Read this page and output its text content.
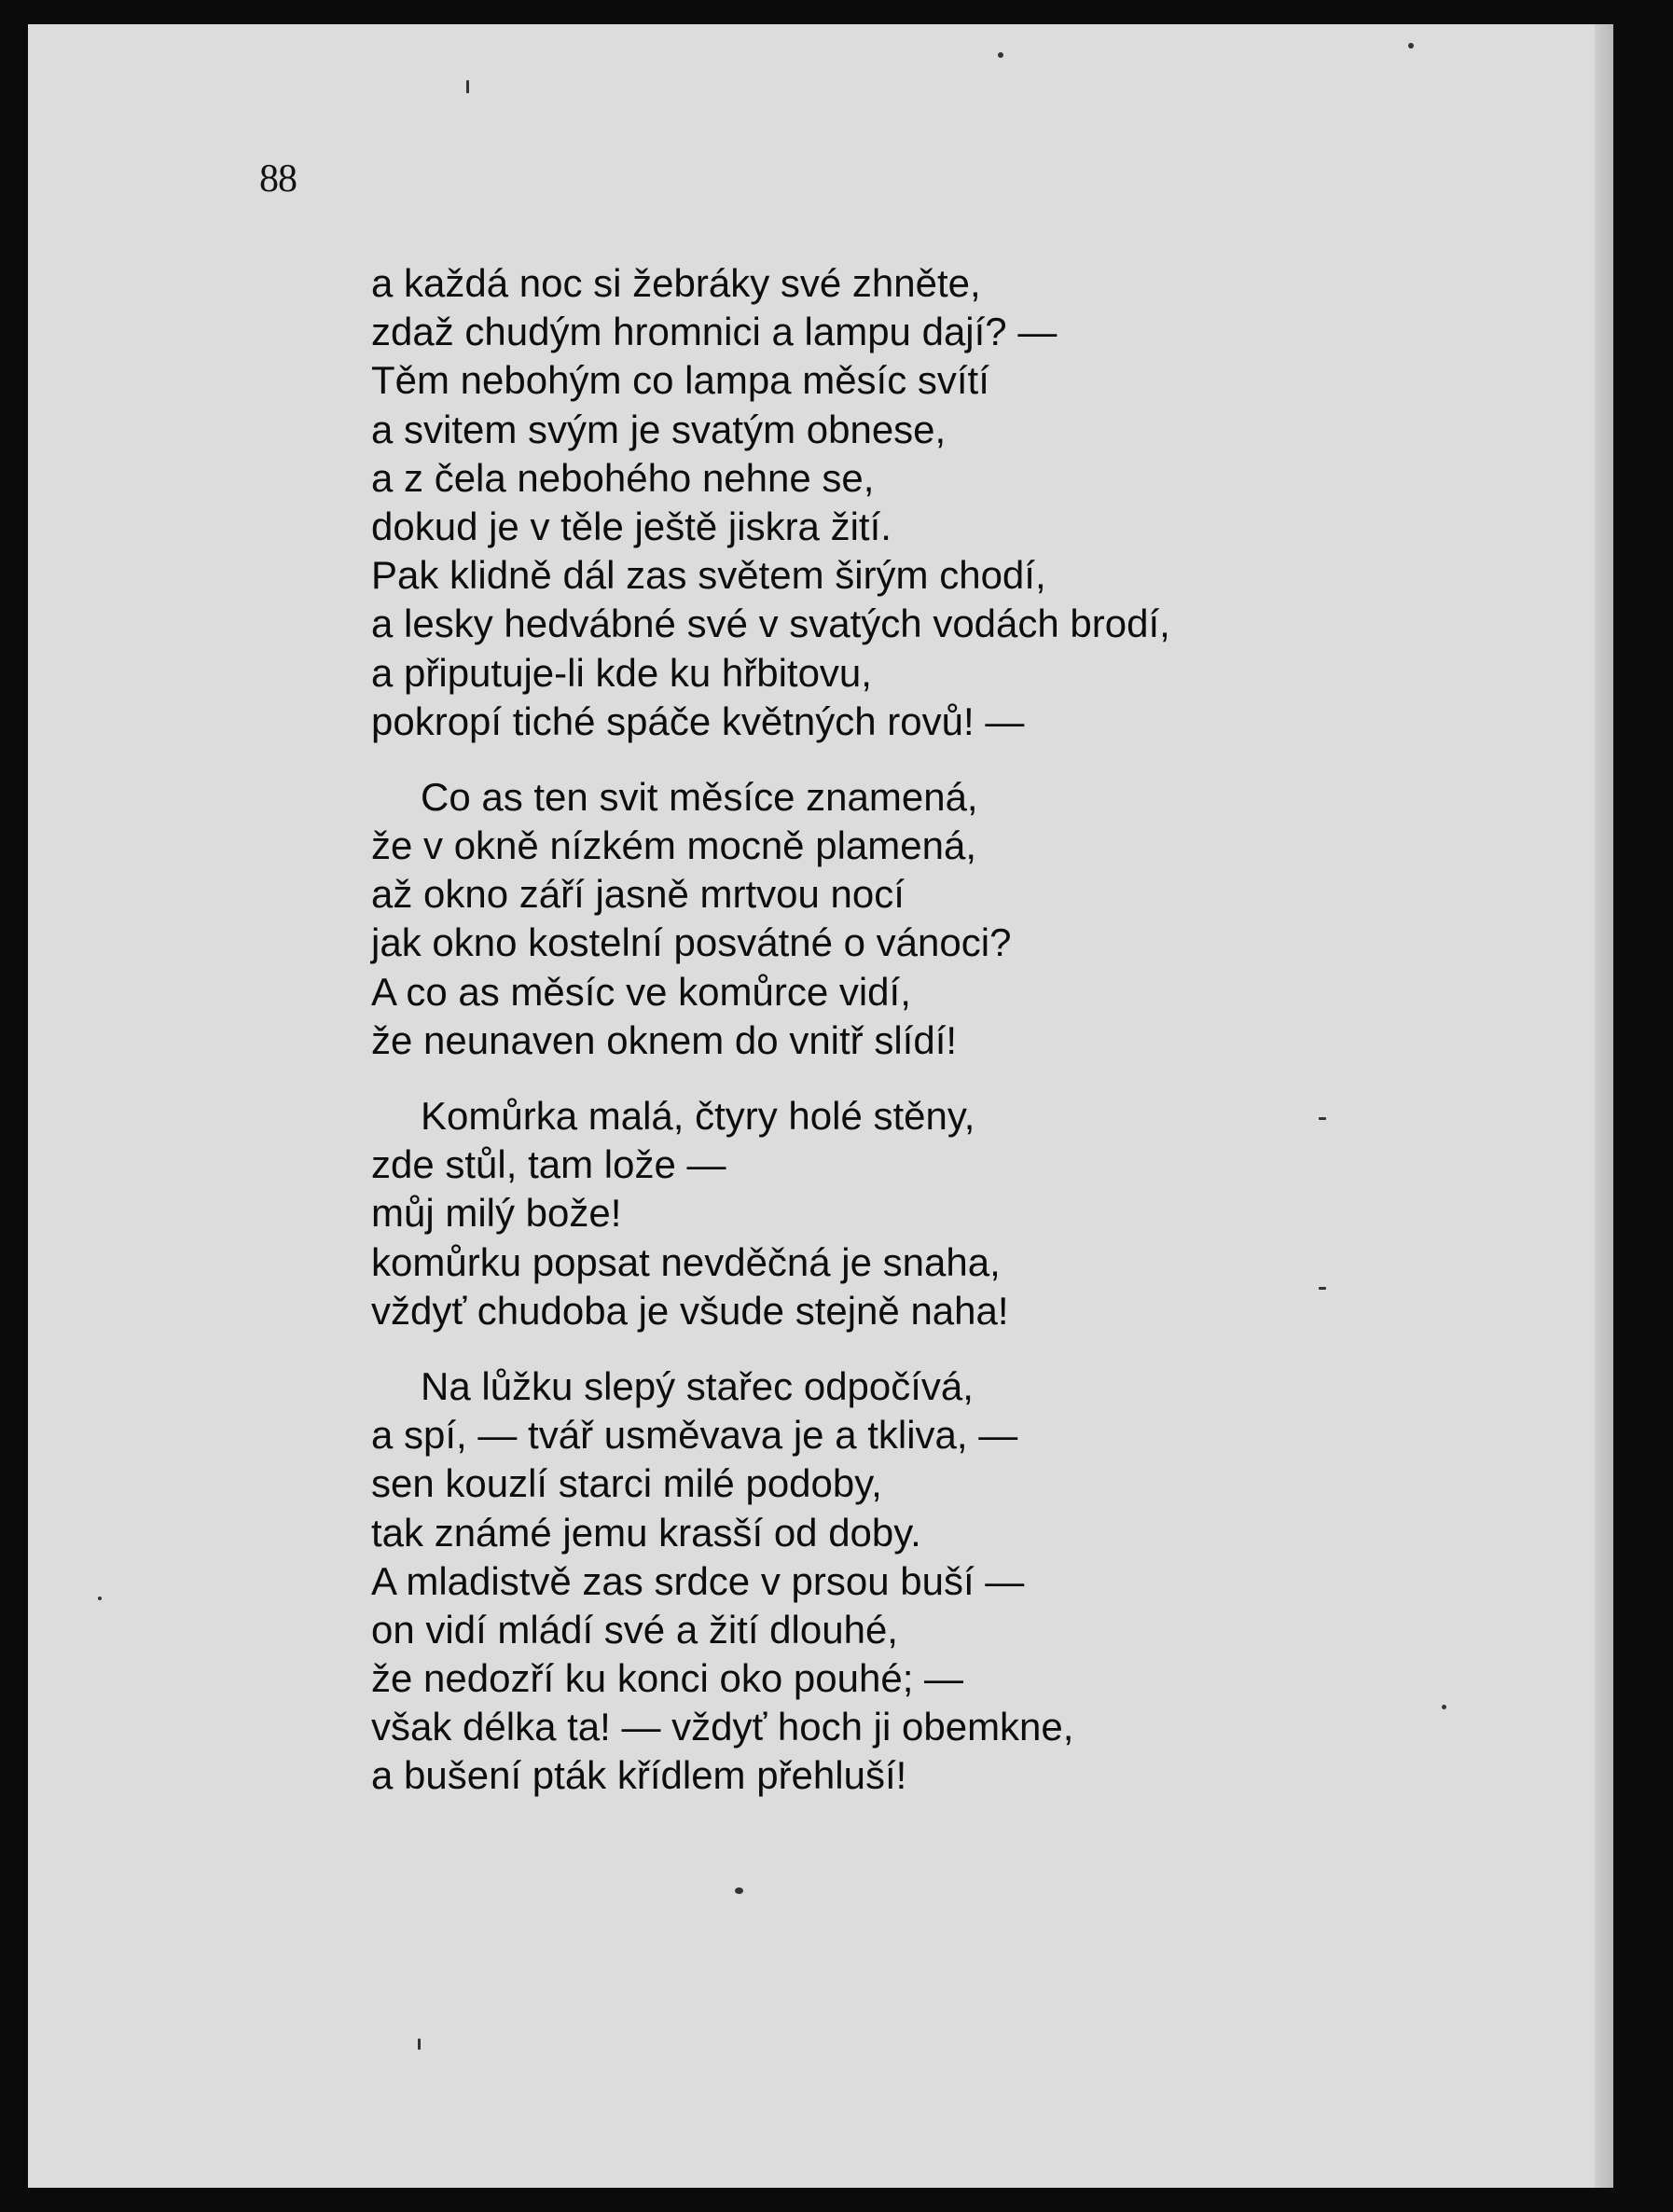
88
a každá noc si žebráky své zhněte,
zdaž chudým hromnici a lampu dají? —
Těm nebohým co lampa měsíc svítí
a svitem svým je svatým obnese,
a z čela nebohého nehne se,
dokud je v těle ještě jiskra žití.
Pak klidně dál zas světem širým chodí,
a lesky hedvábné své v svatých vodách brodí,
a připutuje-li kde ku hřbitovu,
pokropí tiché spáče květných rovů! —
Co as ten svit měsíce znamená,
že v okně nízkém mocně plamená,
až okno září jasně mrtvou nocí
jak okno kostelní posvátné o vánoci?
A co as měsíc ve komůrce vidí,
že neunaven oknem do vnitř slídí!
Komůrka malá, čtyry holé stěny,
zde stůl, tam lože —
můj milý bože!
komůrku popsat nevděčná je snaha,
vždyť chudoba je všude stejně naha!
Na lůžku slepý stařec odpočívá,
a spí, — tvář usměvava je a tkliva, —
sen kouzlí starci milé podoby,
tak známé jemu krasší od doby.
A mladistvě zas srdce v prsou buší —
on vidí mládí své a žití dlouhé,
že nedozří ku konci oko pouhé; —
však délka ta! — vždyť hoch ji obemkne,
a bušení pták křídlem přehluší!
